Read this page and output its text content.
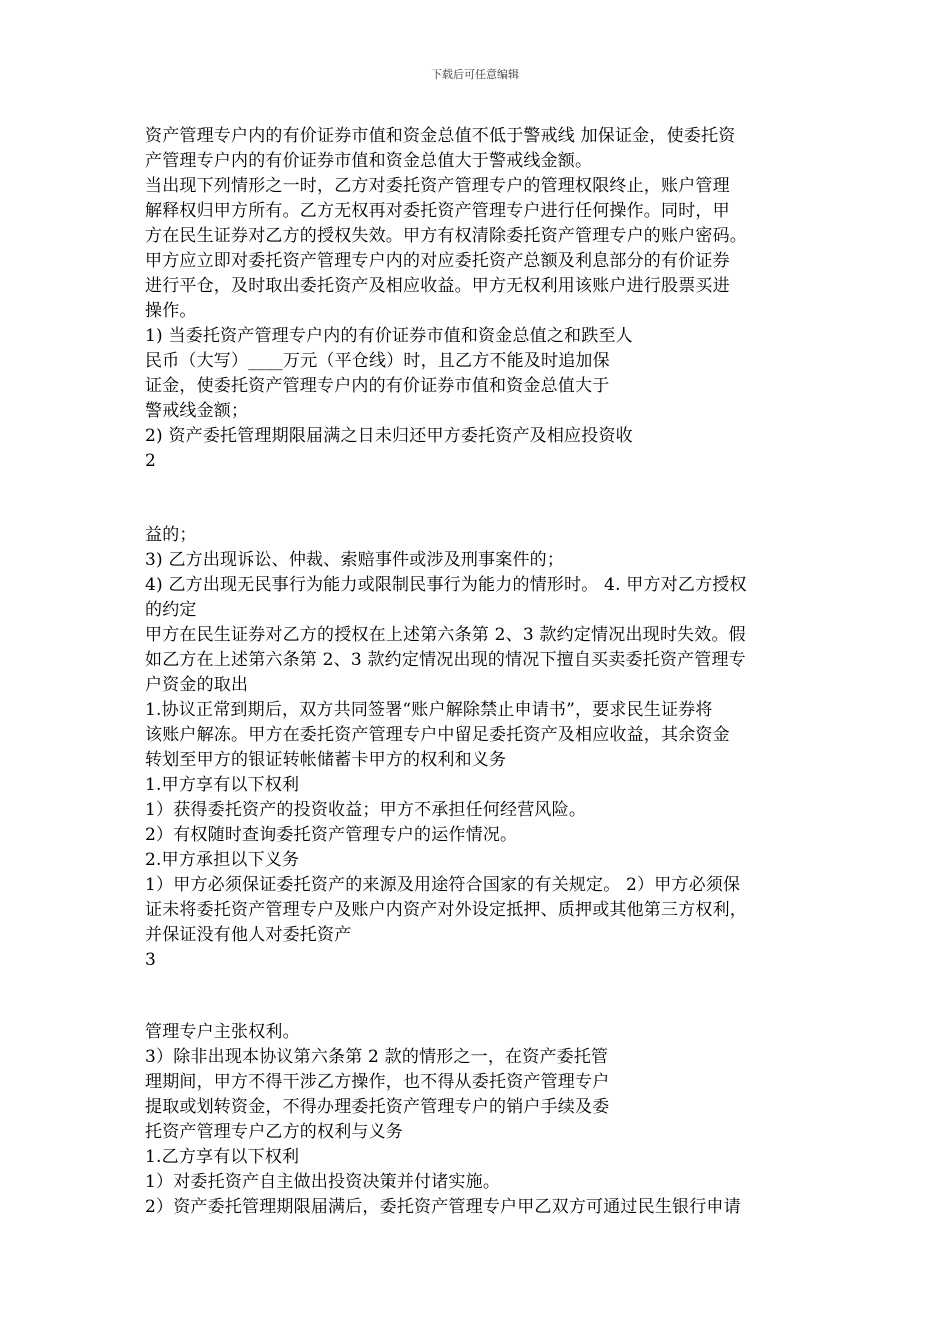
下载后可任意编辑
资产管理专户内的有价证券市值和资金总值不低于警戒线 加保证金，使委托资
产管理专户内的有价证券市值和资金总值大于警戒线金额。
当出现下列情形之一时，乙方对委托资产管理专户的管理权限终止，账户管理
解释权归甲方所有。乙方无权再对委托资产管理专户进行任何操作。同时，甲
方在民生证券对乙方的授权失效。甲方有权清除委托资产管理专户的账户密码。
甲方应立即对委托资产管理专户内的对应委托资产总额及利息部分的有价证券
进行平仓，及时取出委托资产及相应收益。甲方无权利用该账户进行股票买进
操作。
1) 当委托资产管理专户内的有价证券市值和资金总值之和跌至人
民币（大写）____万元（平仓线）时，且乙方不能及时追加保
证金，使委托资产管理专户内的有价证券市值和资金总值大于
警戒线金额；
2) 资产委托管理期限届满之日未归还甲方委托资产及相应投资收
2
益的；
3) 乙方出现诉讼、仲裁、索赔事件或涉及刑事案件的；
4) 乙方出现无民事行为能力或限制民事行为能力的情形时。 4. 甲方对乙方授权
的约定
甲方在民生证券对乙方的授权在上述第六条第 2、3 款约定情况出现时失效。假
如乙方在上述第六条第 2、3 款约定情况出现的情况下擅自买卖委托资产管理专
户资金的取出
1.协议正常到期后，双方共同签署“账户解除禁止申请书”，要求民生证券将
该账户解冻。甲方在委托资产管理专户中留足委托资产及相应收益，其余资金
转划至甲方的银证转帐储蓄卡甲方的权利和义务
1.甲方享有以下权利
1）获得委托资产的投资收益；甲方不承担任何经营风险。
2）有权随时查询委托资产管理专户的运作情况。
2.甲方承担以下义务
1）甲方必须保证委托资产的来源及用途符合国家的有关规定。 2）甲方必须保
证未将委托资产管理专户及账户内资产对外设定抵押、质押或其他第三方权利，
并保证没有他人对委托资产
3
管理专户主张权利。
3）除非出现本协议第六条第 2 款的情形之一，在资产委托管
理期间，甲方不得干涉乙方操作，也不得从委托资产管理专户
提取或划转资金，不得办理委托资产管理专户的销户手续及委
托资产管理专户乙方的权利与义务
1.乙方享有以下权利
1）对委托资产自主做出投资决策并付诸实施。
2）资产委托管理期限届满后，委托资产管理专户甲乙双方可通过民生银行申请
